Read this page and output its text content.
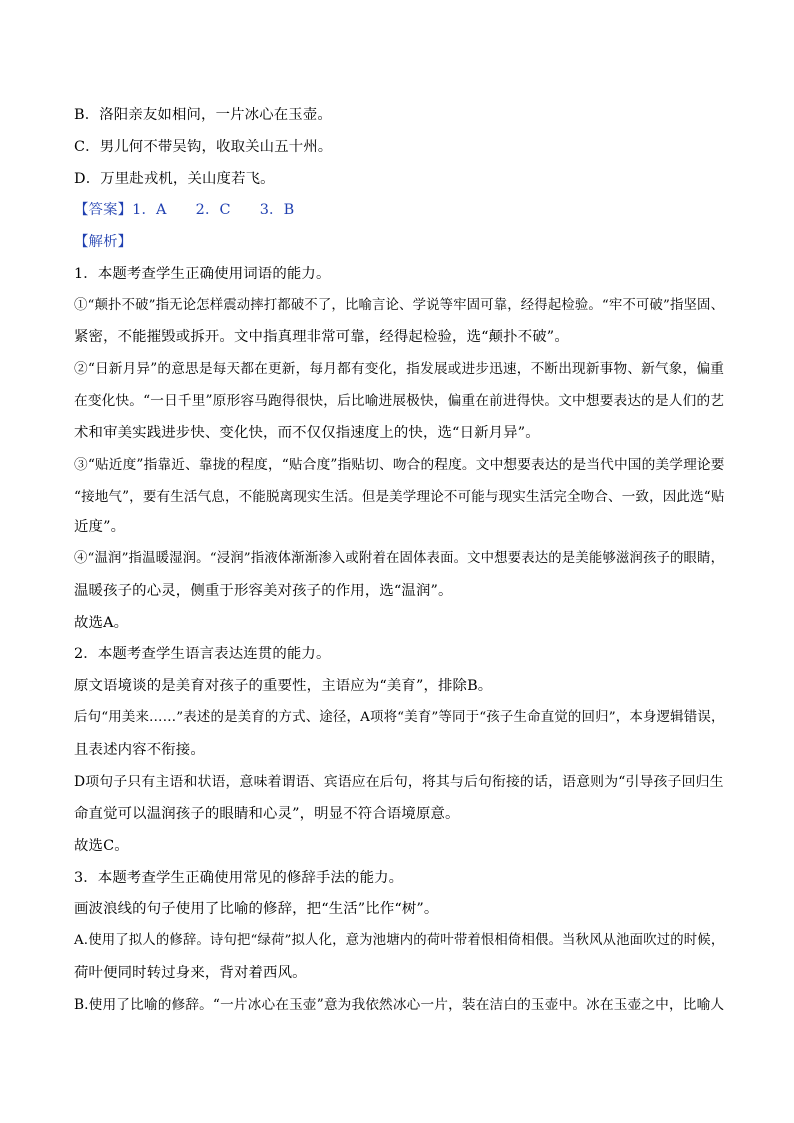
B．洛阳亲友如相问，一片冰心在玉壶。
C．男儿何不带吴钩，收取关山五十州。
D．万里赴戎机，关山度若飞。
【答案】1．A　　2．C　　3．B
【解析】
1．本题考查学生正确使用词语的能力。
①“颠扑不破”指无论怎样震动摔打都破不了，比喻言论、学说等牢固可靠，经得起检验。“牢不可破”指坚固、
紧密，不能摧毁或拆开。文中指真理非常可靠，经得起检验，选“颠扑不破”。
②“日新月异”的意思是每天都在更新，每月都有变化，指发展或进步迅速，不断出现新事物、新气象，偏重
在变化快。“一日千里”原形容马跑得很快，后比喻进展极快，偏重在前进得快。文中想要表达的是人们的艺
术和审美实践进步快、变化快，而不仅仅指速度上的快，选“日新月异”。
③“贴近度”指靠近、靠拢的程度，“贴合度”指贴切、吻合的程度。文中想要表达的是当代中国的美学理论要
“接地气”，要有生活气息，不能脱离现实生活。但是美学理论不可能与现实生活完全吻合、一致，因此选“贴
近度”。
④“温润”指温暖湿润。“浸润”指液体渐渐渗入或附着在固体表面。文中想要表达的是美能够滋润孩子的眼睛，
温暖孩子的心灵，侧重于形容美对孩子的作用，选“温润”。
故选A。
2．本题考查学生语言表达连贯的能力。
原文语境谈的是美育对孩子的重要性，主语应为“美育”，排除B。
后句“用美来……”表述的是美育的方式、途径，A项将“美育”等同于“孩子生命直觉的回归”，本身逻辑错误，
且表述内容不衔接。
D项句子只有主语和状语，意味着谓语、宾语应在后句，将其与后句衔接的话，语意则为“引导孩子回归生
命直觉可以温润孩子的眼睛和心灵”，明显不符合语境原意。
故选C。
3．本题考查学生正确使用常见的修辞手法的能力。
画波浪线的句子使用了比喻的修辞，把“生活”比作“树”。
A.使用了拟人的修辞。诗句把“绿荷”拟人化，意为池塘内的荷叶带着恨相倚相偎。当秋风从池面吹过的时候，
荷叶便同时转过身来，背对着西风。
B.使用了比喻的修辞。“一片冰心在玉壶”意为我依然冰心一片，装在洁白的玉壶中。冰在玉壶之中，比喻人
